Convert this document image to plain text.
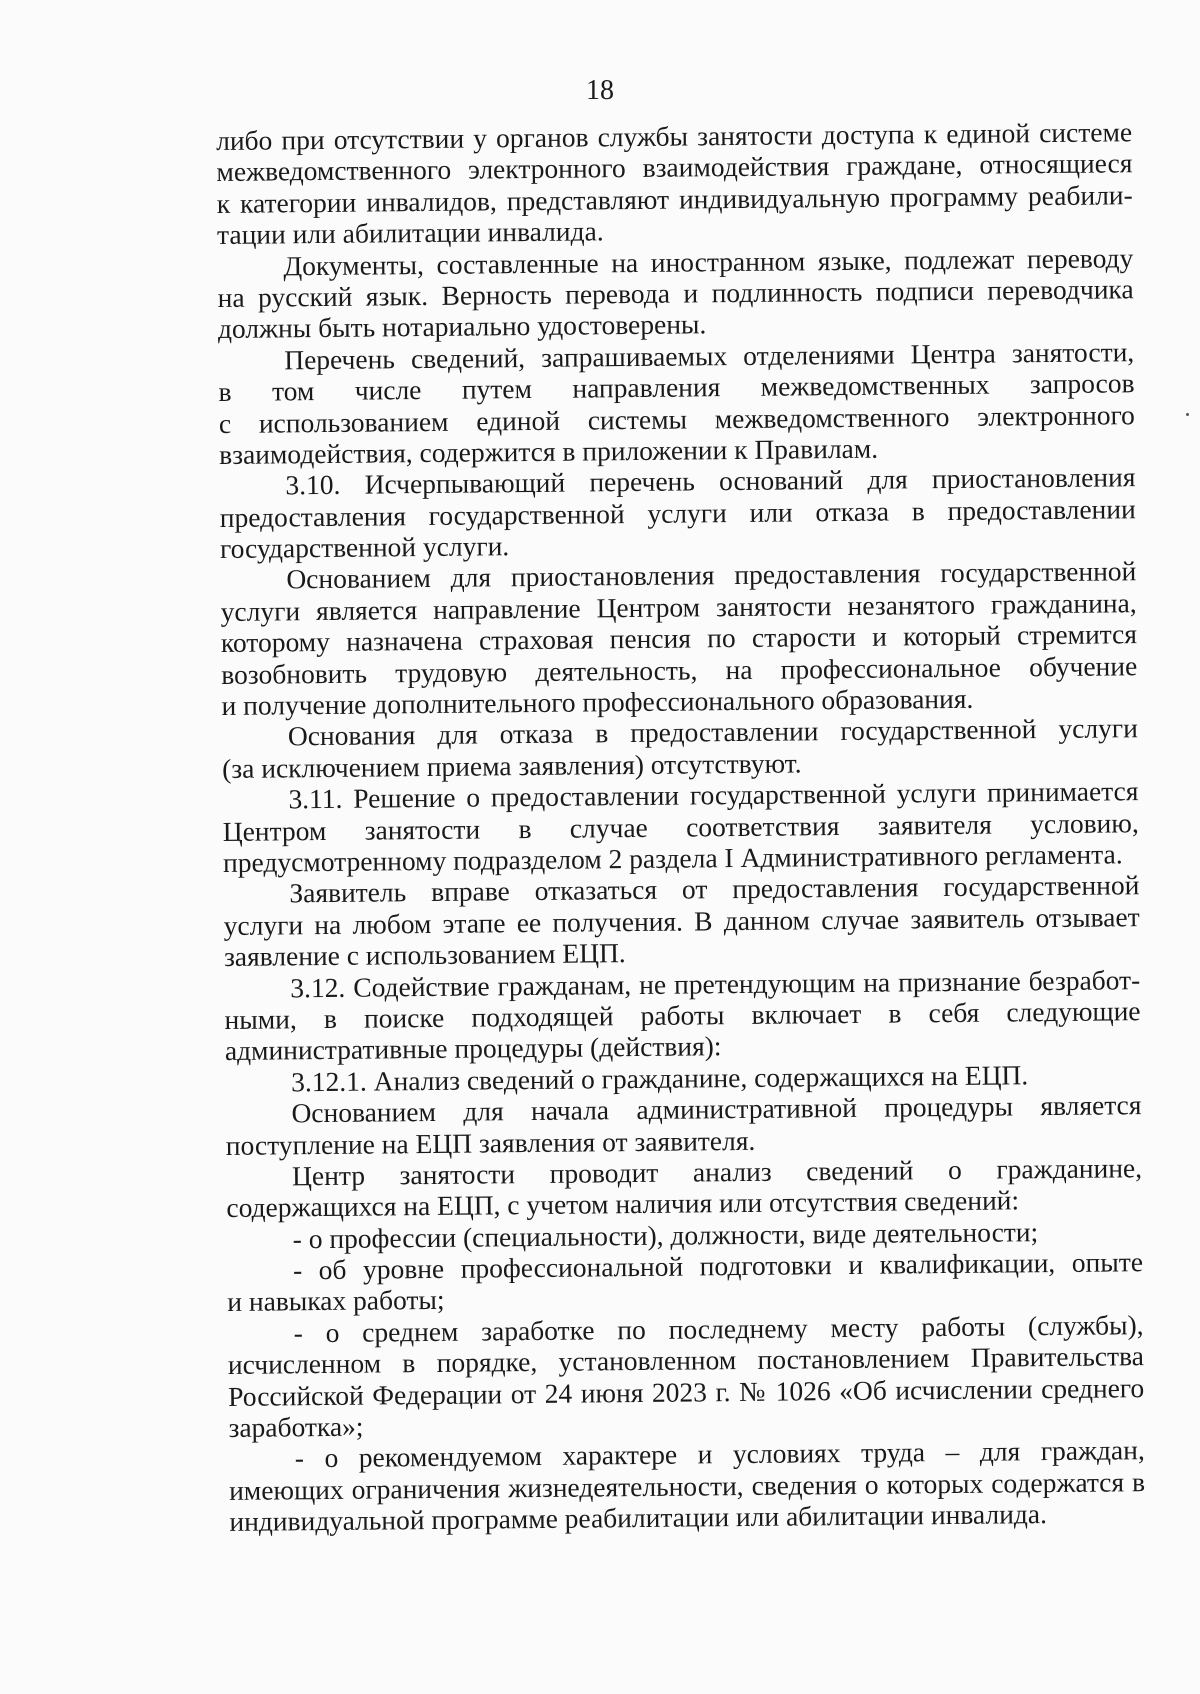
18
либо при отсутствии у органов службы занятости доступа к единой системе
межведомственного электронного взаимодействия граждане, относящиеся
к категории инвалидов, представляют индивидуальную программу реабили-
тации или абилитации инвалида.
Документы, составленные на иностранном языке, подлежат переводу
на русский язык. Верность перевода и подлинность подписи переводчика
должны быть нотариально удостоверены.
Перечень сведений, запрашиваемых отделениями Центра занятости,
в том числе путем направления межведомственных запросов
с использованием единой системы межведомственного электронного
взаимодействия, содержится в приложении к Правилам.
3.10. Исчерпывающий перечень оснований для приостановления
предоставления государственной услуги или отказа в предоставлении
государственной услуги.
Основанием для приостановления предоставления государственной
услуги является направление Центром занятости незанятого гражданина,
которому назначена страховая пенсия по старости и который стремится
возобновить трудовую деятельность, на профессиональное обучение
и получение дополнительного профессионального образования.
Основания для отказа в предоставлении государственной услуги
(за исключением приема заявления) отсутствуют.
3.11. Решение о предоставлении государственной услуги принимается
Центром занятости в случае соответствия заявителя условию,
предусмотренному подразделом 2 раздела I Административного регламента.
Заявитель вправе отказаться от предоставления государственной
услуги на любом этапе ее получения. В данном случае заявитель отзывает
заявление с использованием ЕЦП.
3.12. Содействие гражданам, не претендующим на признание безработ-
ными, в поиске подходящей работы включает в себя следующие
административные процедуры (действия):
3.12.1. Анализ сведений о гражданине, содержащихся на ЕЦП.
Основанием для начала административной процедуры является
поступление на ЕЦП заявления от заявителя.
Центр занятости проводит анализ сведений о гражданине,
содержащихся на ЕЦП, с учетом наличия или отсутствия сведений:
- о профессии (специальности), должности, виде деятельности;
- об уровне профессиональной подготовки и квалификации, опыте
и навыках работы;
- о среднем заработке по последнему месту работы (службы),
исчисленном в порядке, установленном постановлением Правительства
Российской Федерации от 24 июня 2023 г. № 1026 «Об исчислении среднего
заработка»;
- о рекомендуемом характере и условиях труда – для граждан,
имеющих ограничения жизнедеятельности, сведения о которых содержатся в
индивидуальной программе реабилитации или абилитации инвалида.
